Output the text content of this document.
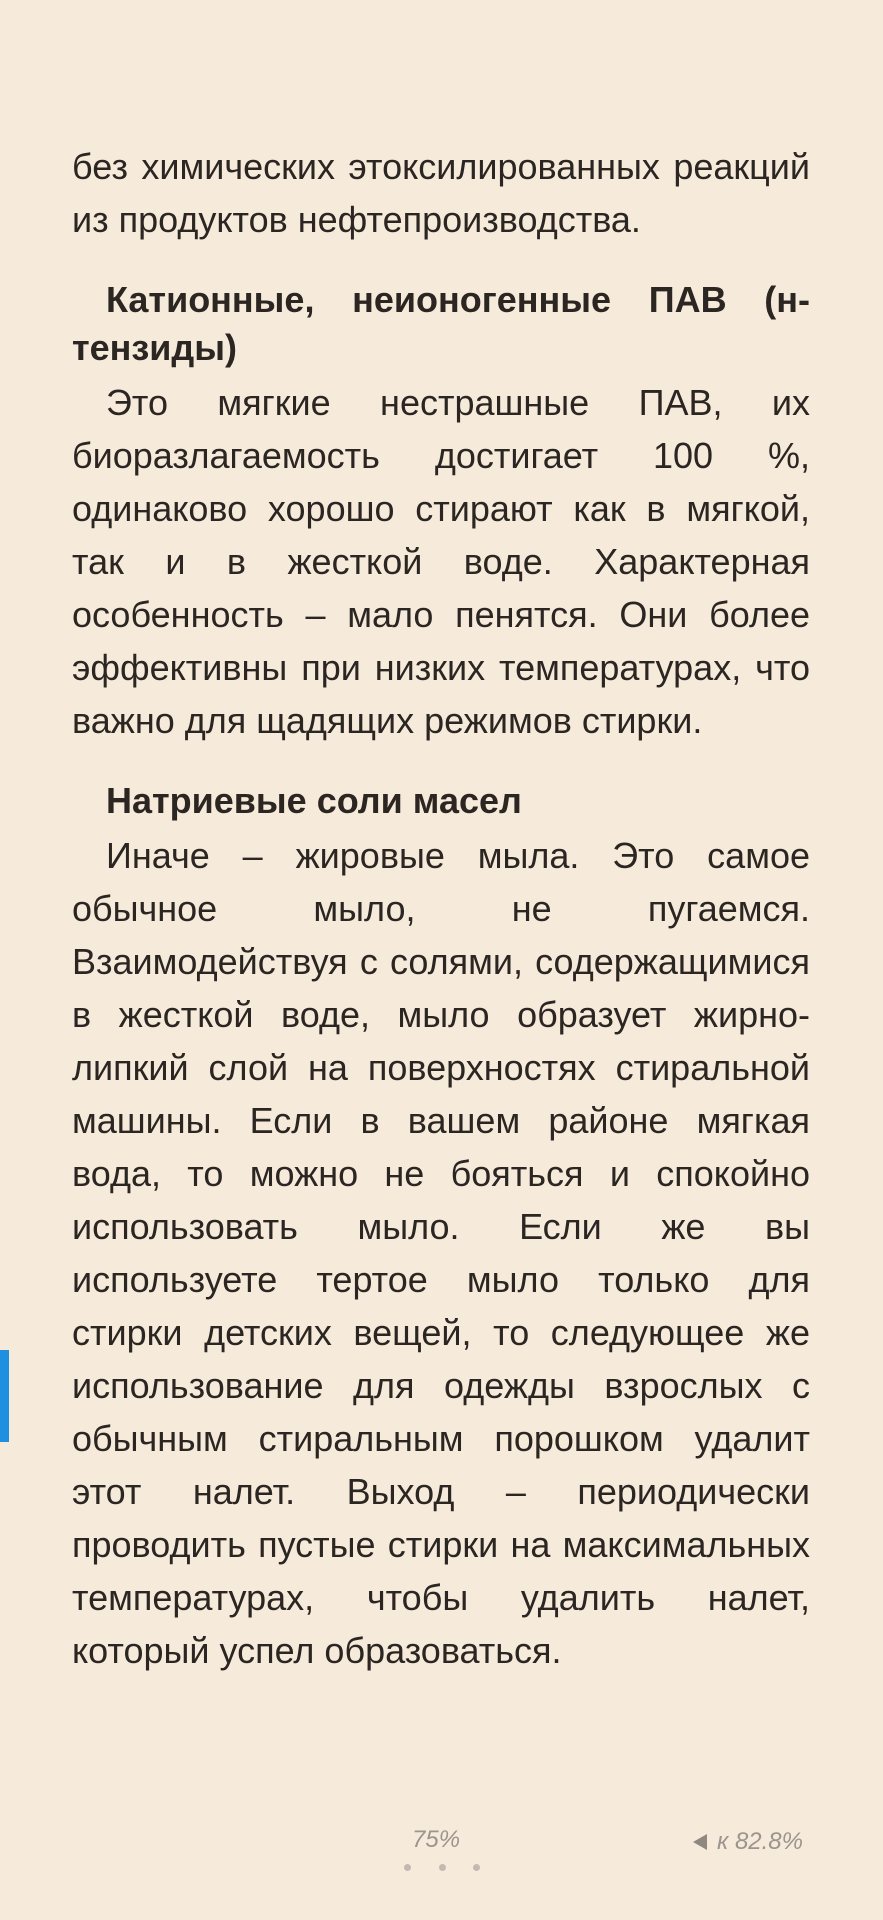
без химических этоксилированных реакций из продуктов нефтепроизводства.

Катионные, неионогенные ПАВ (н-тензиды)

Это мягкие нестрашные ПАВ, их биоразлагаемость достигает 100 %, одинаково хорошо стирают как в мягкой, так и в жесткой воде. Характерная особенность – мало пенятся. Они более эффективны при низких температурах, что важно для щадящих режимов стирки.

Натриевые соли масел

Иначе – жировые мыла. Это самое обычное мыло, не пугаемся. Взаимодействуя с солями, содержащимися в жесткой воде, мыло образует жирно-липкий слой на поверхностях стиральной машины. Если в вашем районе мягкая вода, то можно не бояться и спокойно использовать мыло. Если же вы используете тертое мыло только для стирки детских вещей, то следующее же использование для одежды взрослых с обычным стиральным порошком удалит этот налет. Выход – периодически проводить пустые стирки на максимальных температурах, чтобы удалить налет, который успел образоваться.

75%	к 82.8%
